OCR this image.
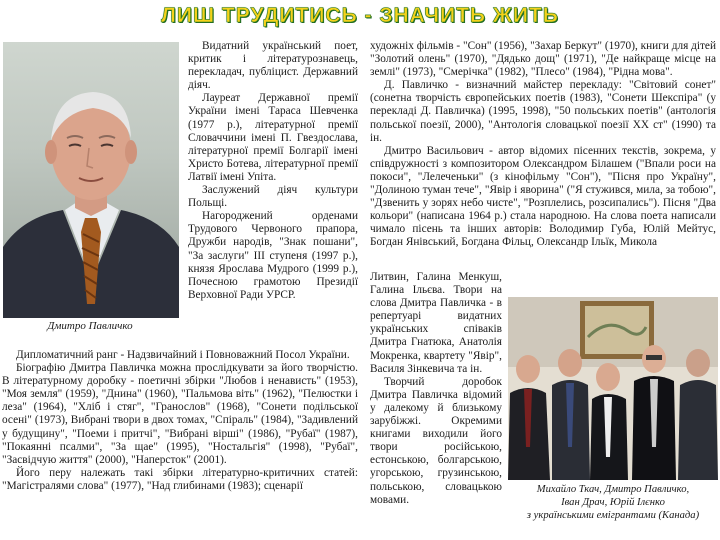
ЛИШ ТРУДИТИСЬ - ЗНАЧИТЬ ЖИТЬ
Дмитро Павличко

Видатний український поет, критик і літературознавець, перекладач, публіцист. Державний діяч.

Лауреат Державної премії України імені Тараса Шевченка (1977 р.), літературної премії Словаччини імені П. Гвездослава, літературної премії Болгарії імені Христо Ботева, літературної премії Латвії імені Упіта.

Заслужений діяч культури Польщі.

Нагороджений орденами Трудового Червоного прапора, Дружби народів, "Знак пошани", "За заслуги" ІІІ ступеня (1997 р.), князя Ярослава Мудрого (1999 р.), Почесною грамотою Президії Верховної Ради УРСР.

художніх фільмів - "Сон" (1956), "Захар Беркут" (1970), книги для дітей "Золотий олень" (1970), "Дядько дощ" (1971), "Де найкраще місце на землі" (1973), "Смерічка" (1982), "Плесо" (1984), "Рідна мова".

Д. Павличко - визначний майстер перекладу: "Світовий сонет" (сонетна творчість європейських поетів (1983), "Сонети Шекспіра" (у перекладі Д. Павличка) (1995, 1998), "50 польських поетів" (антологія польської поезії, 2000), "Антологія словацької поезії ХХ ст" (1990) та ін.

Дмитро Васильович - автор відомих пісенних текстів, зокрема, у співдружності з композитором Олександром Білашем ("Впали роси на покоси", "Лелеченьки" (з кінофільму "Сон"), "Пісня про Україну", "Долиною туман тече", "Явір і яворина" ("Я стужився, мила, за тобою", "Дзвенить у зорях небо чисте", "Розплелись, розсипались"). Пісня "Два кольори" (написана 1964 р.) стала народною. На слова поета написали чимало пісень та інших авторів: Володимир Губа, Юлій Мейтус, Богдан Янівський, Богдана Фільц, Олександр Ільїк, Микола

Литвин, Галина Менкуш, Галина Ільєва. Твори на слова Дмитра Павличка - в репертуарі видатних українських співаків Дмитра Гнатюка, Анатолія Мокренка, квартету "Явір", Василя Зінкевича та ін.

Творчий доробок Дмитра Павличка відомий у далекому й близькому зарубіжжі. Окремими книгами виходили його твори російською, естонською, болгарською, угорською, грузинською, польською, словацькою мовами.

Дипломатичний ранг - Надзвичайний і Повноважний Посол України.

Біографію Дмитра Павличка можна прослідкувати за його творчістю. В літературному доробку - поетичні збірки "Любов і ненависть" (1953), "Моя земля" (1959), "Днина" (1960), "Пальмова віть" (1962), "Пелюстки і леза" (1964), "Хліб і стяг", "Гранослов" (1968), "Сонети подільської осені" (1973), Вибрані твори в двох томах, "Спіраль" (1984), "Задивлений у будущину", "Поеми і притчі", "Вибрані вірші" (1986), "Рубаї" (1987), "Покаянні псалми", "За щае" (1995), "Ностальгія" (1998), "Рубаї", "Засвідчую життя" (2000), "Наперсток" (2001).

Його перу належать такі збірки літературно-критичних статей: "Магістралями слова" (1977), "Над глибинами (1983); сценарії	Михайло Ткач, Дмитро Павличко,
Іван Драч, Юрій Ілєнко
з українськими емігрантами (Канада)
